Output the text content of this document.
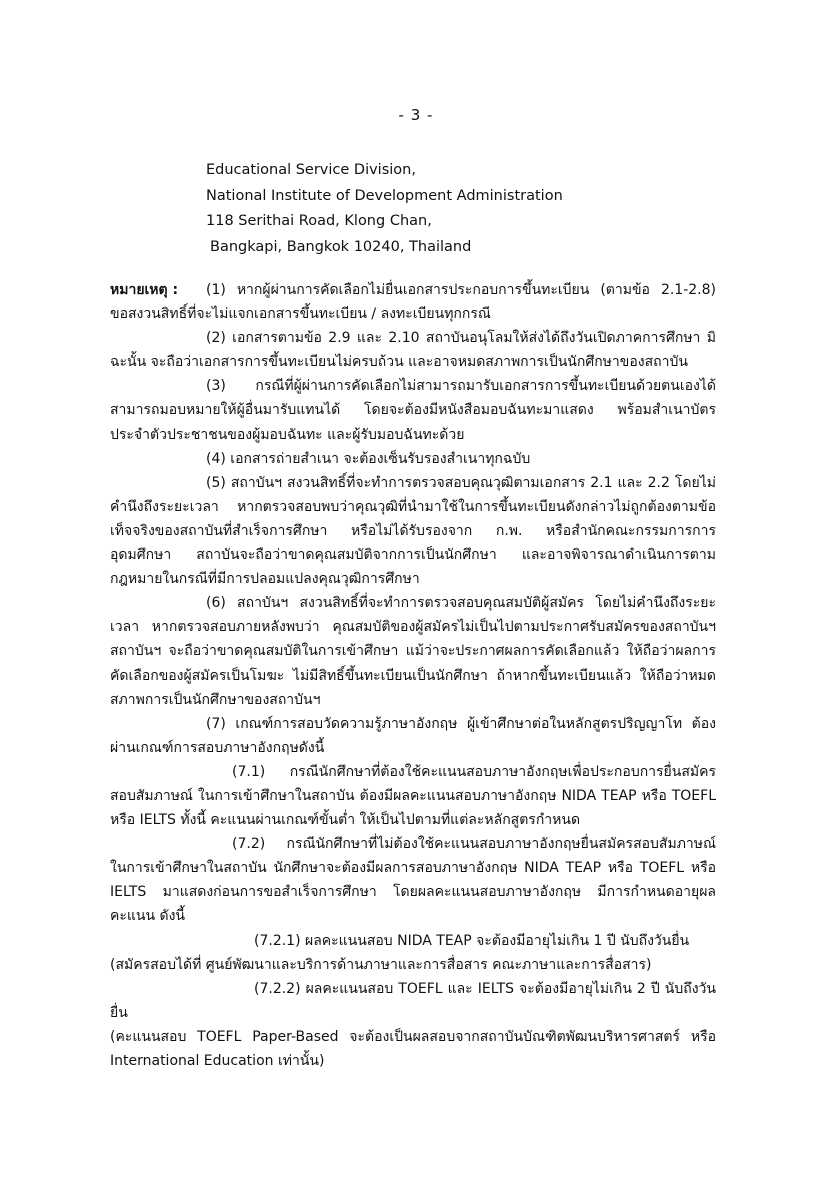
- 3 -
Educational Service Division,
National Institute of Development Administration
118 Serithai Road, Klong Chan,
Bangkapi, Bangkok 10240, Thailand

หมายเหตุ : (1) หากผู้ผ่านการคัดเลือกไม่ยื่นเอกสารประกอบการขึ้นทะเบียน (ตามข้อ 2.1-2.8) ขอสงวนสิทธิ์ที่จะไม่แจกเอกสารขึ้นทะเบียน / ลงทะเบียนทุกกรณี

(2) เอกสารตามข้อ 2.9 และ 2.10 สถาบันอนุโลมให้ส่งได้ถึงวันเปิดภาคการศึกษา มิฉะนั้น จะถือว่าเอกสารการขึ้นทะเบียนไม่ครบถ้วน และอาจหมดสภาพการเป็นนักศึกษาของสถาบัน

(3) กรณีที่ผู้ผ่านการคัดเลือกไม่สามารถมารับเอกสารการขึ้นทะเบียนด้วยตนเองได้ สามารถมอบหมายให้ผู้อื่นมารับแทนได้ โดยจะต้องมีหนังสือมอบฉันทะมาแสดง พร้อมสำเนาบัตรประจำตัวประชาชนของผู้มอบฉันทะ และผู้รับมอบฉันทะด้วย

(4) เอกสารถ่ายสำเนา จะต้องเซ็นรับรองสำเนาทุกฉบับ

(5) สถาบันฯ สงวนสิทธิ์ที่จะทำการตรวจสอบคุณวุฒิตามเอกสาร 2.1 และ 2.2 โดยไม่คำนึงถึงระยะเวลา หากตรวจสอบพบว่าคุณวุฒิที่นำมาใช้ในการขึ้นทะเบียนดังกล่าวไม่ถูกต้องตามข้อเท็จจริงของสถาบันที่สำเร็จการศึกษา หรือไม่ได้รับรองจาก ก.พ. หรือสำนักคณะกรรมการการอุดมศึกษา สถาบันจะถือว่าขาดคุณสมบัติจากการเป็นนักศึกษา และอาจพิจารณาดำเนินการตามกฎหมายในกรณีที่มีการปลอมแปลงคุณวุฒิการศึกษา

(6) สถาบันฯ สงวนสิทธิ์ที่จะทำการตรวจสอบคุณสมบัติผู้สมัคร โดยไม่คำนึงถึงระยะเวลา หากตรวจสอบภายหลังพบว่า คุณสมบัติของผู้สมัครไม่เป็นไปตามประกาศรับสมัครของสถาบันฯ สถาบันฯ จะถือว่าขาดคุณสมบัติในการเข้าศึกษา แม้ว่าจะประกาศผลการคัดเลือกแล้ว ให้ถือว่าผลการคัดเลือกของผู้สมัครเป็นโมฆะ ไม่มีสิทธิ์ขึ้นทะเบียนเป็นนักศึกษา ถ้าหากขึ้นทะเบียนแล้ว ให้ถือว่าหมดสภาพการเป็นนักศึกษาของสถาบันฯ

(7) เกณฑ์การสอบวัดความรู้ภาษาอังกฤษ ผู้เข้าศึกษาต่อในหลักสูตรปริญญาโท ต้องผ่านเกณฑ์การสอบภาษาอังกฤษดังนี้

(7.1) กรณีนักศึกษาที่ต้องใช้คะแนนสอบภาษาอังกฤษเพื่อประกอบการยื่นสมัครสอบสัมภาษณ์ ในการเข้าศึกษาในสถาบัน ต้องมีผลคะแนนสอบภาษาอังกฤษ NIDA TEAP หรือ TOEFL หรือ IELTS ทั้งนี้ คะแนนผ่านเกณฑ์ขั้นต่ำ ให้เป็นไปตามที่แต่ละหลักสูตรกำหนด

(7.2) กรณีนักศึกษาที่ไม่ต้องใช้คะแนนสอบภาษาอังกฤษยื่นสมัครสอบสัมภาษณ์ ในการเข้าศึกษาในสถาบัน นักศึกษาจะต้องมีผลการสอบภาษาอังกฤษ NIDA TEAP หรือ TOEFL หรือ IELTS มาแสดงก่อนการขอสำเร็จการศึกษา โดยผลคะแนนสอบภาษาอังกฤษ มีการกำหนดอายุผลคะแนน ดังนี้

(7.2.1) ผลคะแนนสอบ NIDA TEAP จะต้องมีอายุไม่เกิน 1 ปี นับถึงวันยื่น

(สมัครสอบได้ที่ ศูนย์พัฒนาและบริการด้านภาษาและการสื่อสาร คณะภาษาและการสื่อสาร)

(7.2.2) ผลคะแนนสอบ TOEFL และ IELTS จะต้องมีอายุไม่เกิน 2 ปี นับถึงวันยื่น

(คะแนนสอบ TOEFL Paper-Based จะต้องเป็นผลสอบจากสถาบันบัณฑิตพัฒนบริหารศาสตร์ หรือ International Education เท่านั้น)
